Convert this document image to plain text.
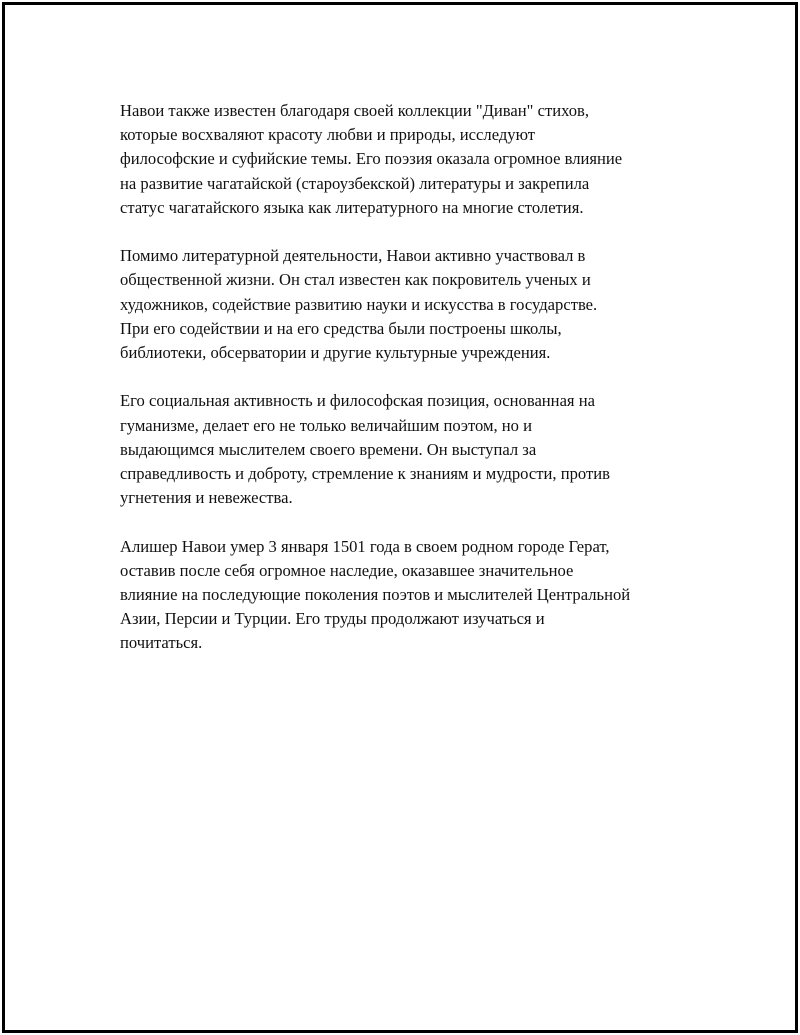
Навои также известен благодаря своей коллекции "Диван" стихов,
которые восхваляют красоту любви и природы, исследуют
философские и суфийские темы. Его поэзия оказала огромное влияние
на развитие чагатайской (староузбекской) литературы и закрепила
статус чагатайского языка как литературного на многие столетия.

Помимо литературной деятельности, Навои активно участвовал в
общественной жизни. Он стал известен как покровитель ученых и
художников, содействие развитию науки и искусства в государстве.
При его содействии и на его средства были построены школы,
библиотеки, обсерватории и другие культурные учреждения.

Его социальная активность и философская позиция, основанная на
гуманизме, делает его не только величайшим поэтом, но и
выдающимся мыслителем своего времени. Он выступал за
справедливость и доброту, стремление к знаниям и мудрости, против
угнетения и невежества.

Алишер Навои умер 3 января 1501 года в своем родном городе Герат,
оставив после себя огромное наследие, оказавшее значительное
влияние на последующие поколения поэтов и мыслителей Центральной
Азии, Персии и Турции. Его труды продолжают изучаться и
почитаться.
